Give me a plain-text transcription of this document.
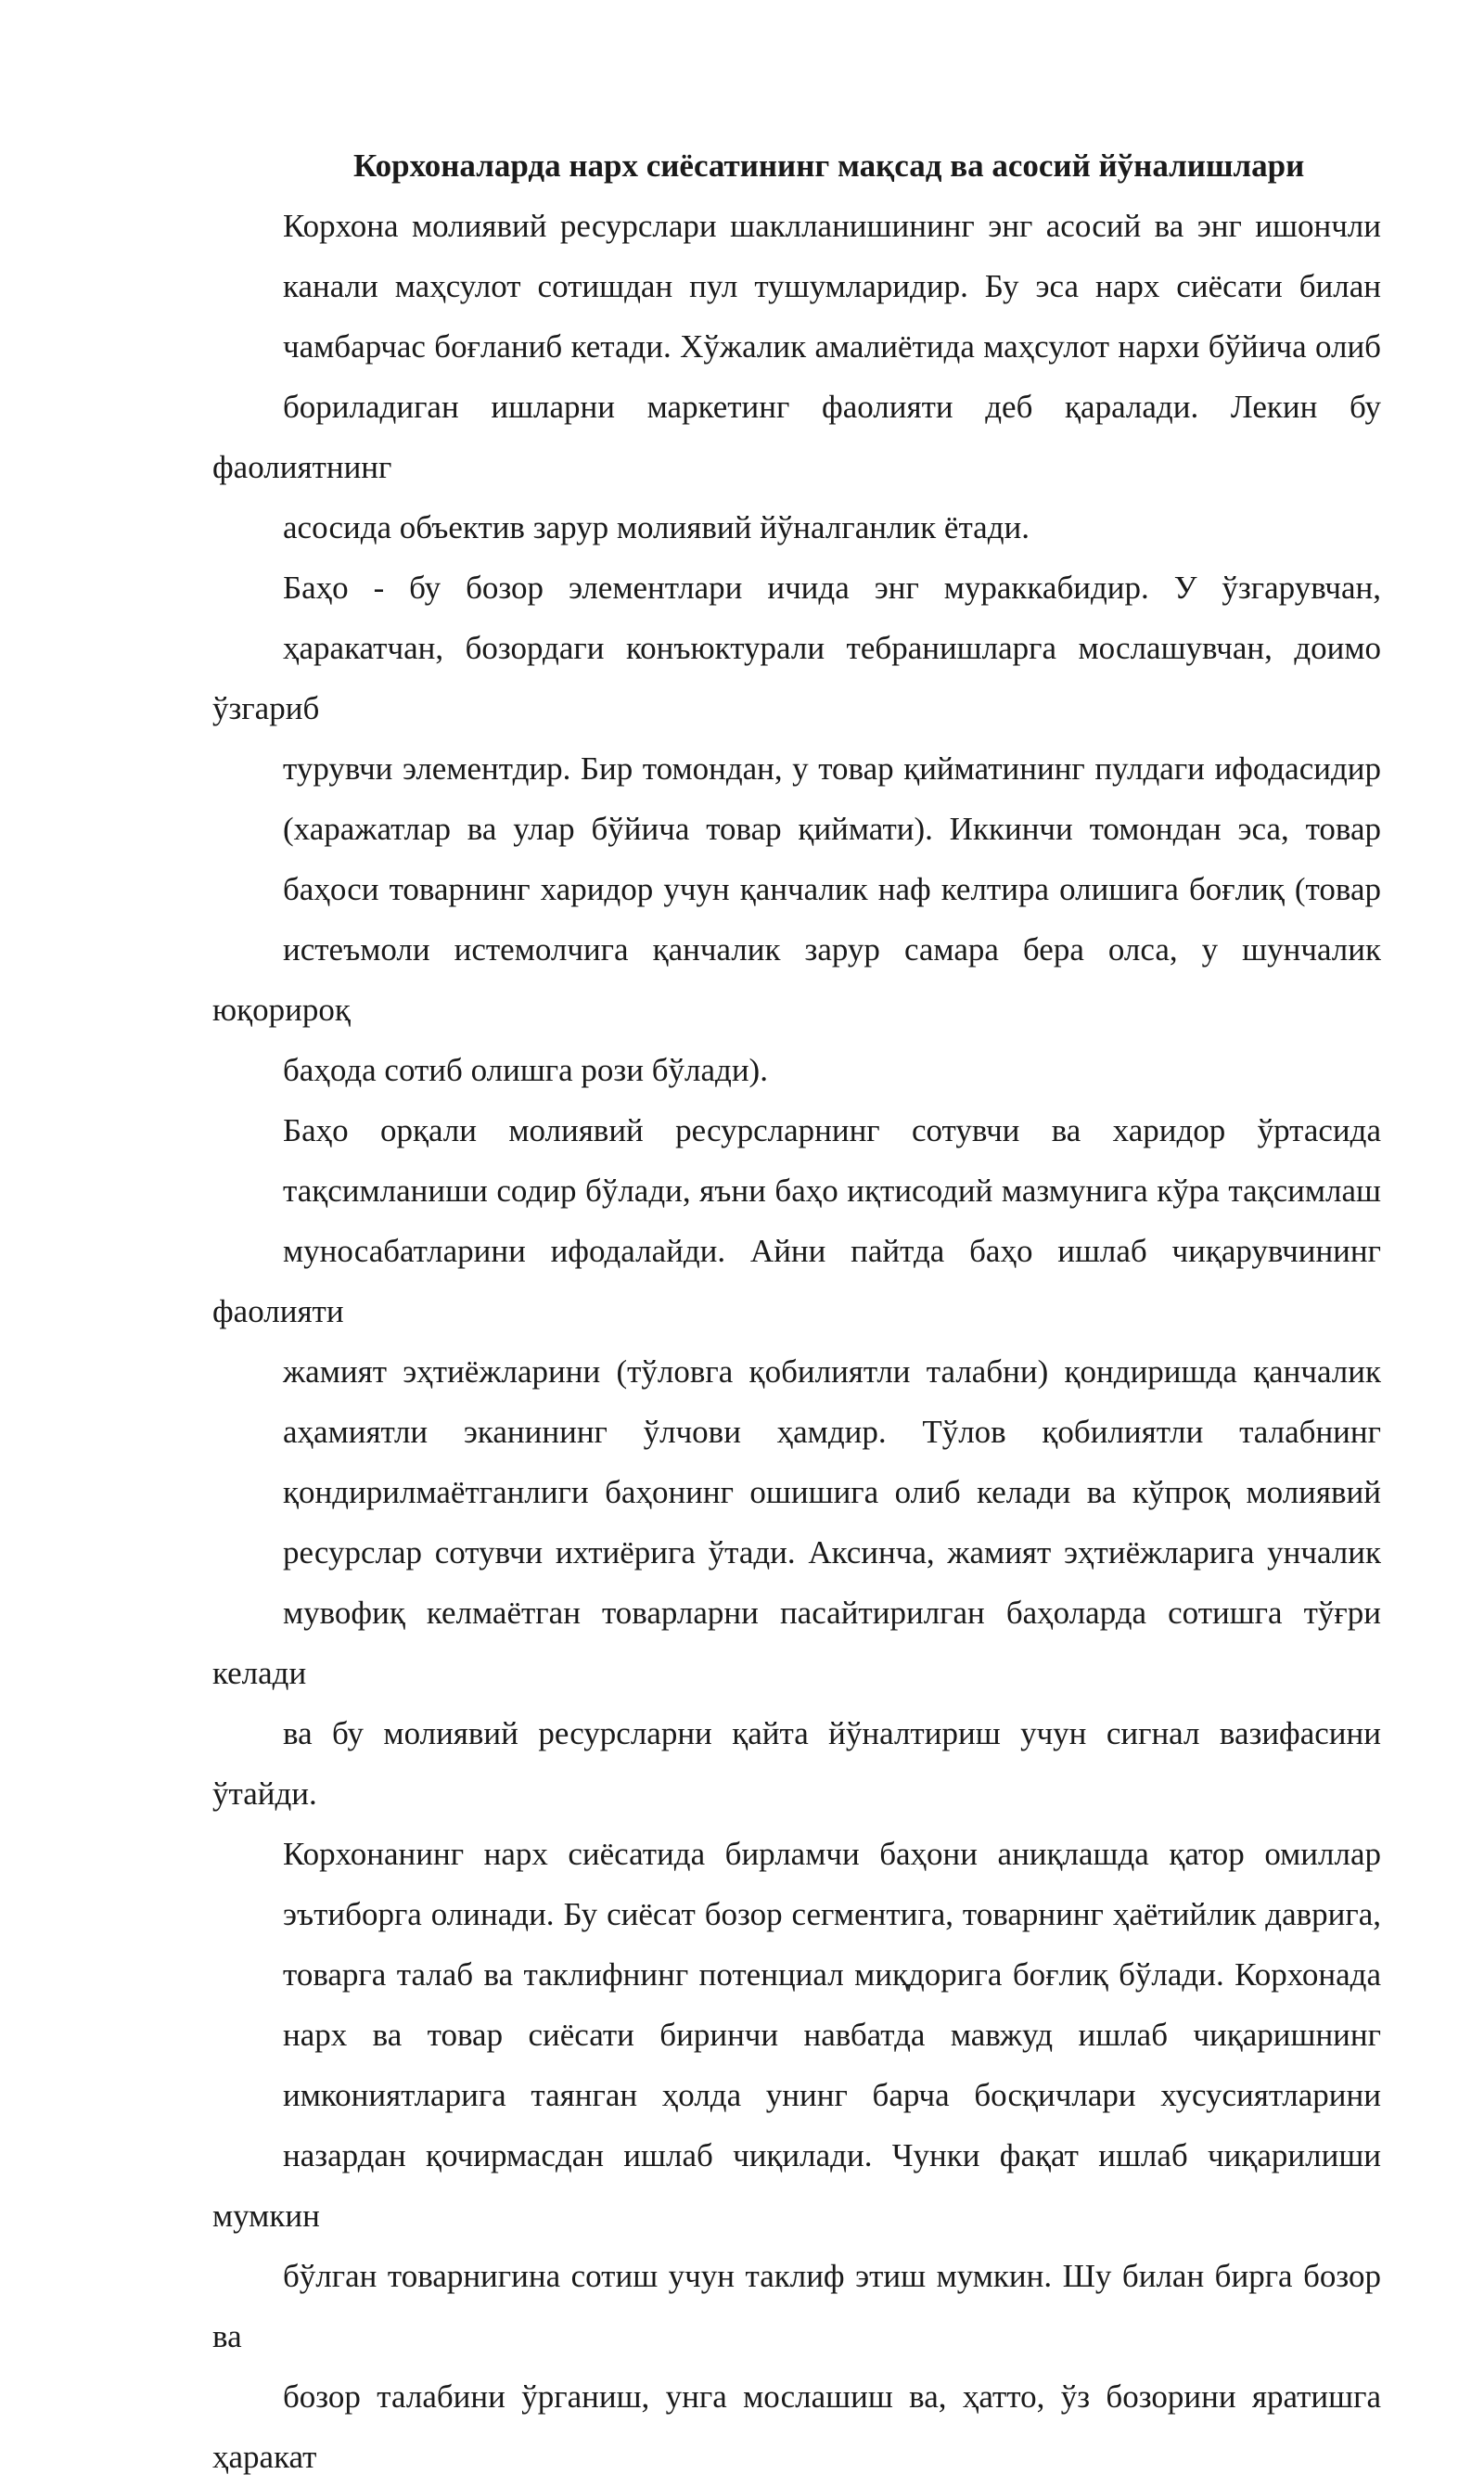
Корхоналарда нарх сиёсатининг мақсад ва асосий йўналишлари

Корхона молиявий ресурслари шаклланишининг энг асосий ва энг ишончли
канали маҳсулот сотишдан пул тушумларидир. Бу эса нарх сиёсати билан
чамбарчас боғланиб кетади. Хўжалик амалиётида маҳсулот нархи бўйича олиб
бориладиган ишларни маркетинг фаолияти деб қаралади. Лекин бу фаолиятнинг
асосида объектив зарур молиявий йўналганлик ётади.

Баҳо - бу бозор элементлари ичида энг мураккабидир. У ўзгарувчан,
ҳаракатчан, бозордаги конъюктурали тебранишларга мослашувчан, доимо ўзгариб
турувчи элементдир. Бир томондан, у товар қийматининг пулдаги ифодасидир
(харажатлар ва улар бўйича товар қиймати). Иккинчи томондан эса, товар
баҳоси товарнинг харидор учун қанчалик наф келтира олишига боғлиқ (товар
истеъмоли истемолчига қанчалик зарур самара бера олса, у шунчалик юқориpоқ
баҳода сотиб олишга рози бўлади).

Баҳо орқали молиявий ресурсларнинг сотувчи ва харидор ўртасида
тақсимланиши содир бўлади, яъни баҳо иқтисодий мазмунига кўра тақсимлаш
муносабатларини ифодалайди. Айни пайтда баҳо ишлаб чиқарувчининг фаолияти
жамият эҳтиёжларини (тўловга қобилиятли талабни) қондиришда қанчалик
аҳамиятли эканининг ўлчови ҳамдир. Тўлов қобилиятли талабнинг
қондирилмаётганлиги баҳонинг ошишига олиб келади ва кўпроқ молиявий
ресурслар сотувчи ихтиёрига ўтади. Аксинча, жамият эҳтиёжларига унчалик
мувофиқ келмаётган товарларни пасайтирилган баҳоларда сотишга тўғри келади
ва бу молиявий ресурсларни қайта йўналтириш учун сигнал вазифасини ўтайди.

Корхонанинг нарх сиёсатида бирламчи баҳони аниқлашда қатор омиллар
эътиборга олинади. Бу сиёсат бозор сегментига, товарнинг ҳаётийлик даврига,
товарга талаб ва таклифнинг потенциал миқдорига боғлиқ бўлади. Корхонада
нарх ва товар сиёсати биринчи навбатда мавжуд ишлаб чиқаришнинг
имкониятларига таянган ҳолда унинг барча босқичлари хусусиятларини
назардан қочирмасдан ишлаб чиқилади. Чунки фақат ишлаб чиқарилиши мумкин
бўлган товарнигина сотиш учун таклиф этиш мумкин. Шу билан бирга бозор ва
бозор талабини ўрганиш, унга мослашиш ва, ҳатто, ўз бозорини яратишга ҳаракат
